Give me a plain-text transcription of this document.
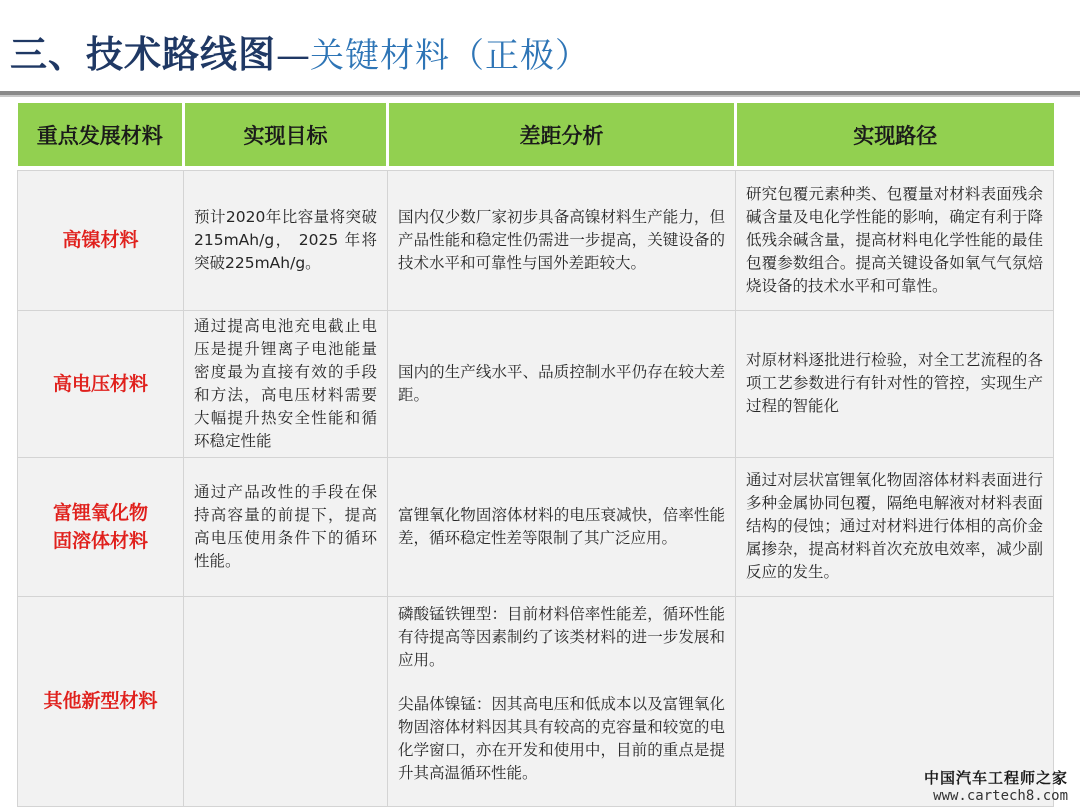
三、技术路线图—关键材料（正极）
重点发展材料	实现目标	差距分析	实现路径

高镍材料	预计2020年比容量将突破 215mAh/g， 2025 年将突破225mAh/g。	国内仅少数厂家初步具备高镍材料生产能力，但产品性能和稳定性仍需进一步提高，关键设备的技术水平和可靠性与国外差距较大。	研究包覆元素种类、包覆量对材料表面残余碱含量及电化学性能的影响，确定有利于降低残余碱含量，提高材料电化学性能的最佳包覆参数组合。提高关键设备如氧气气氛焙烧设备的技术水平和可靠性。
高电压材料	通过提高电池充电截止电压是提升锂离子电池能量密度最为直接有效的手段和方法，高电压材料需要大幅提升热安全性能和循环稳定性能	国内的生产线水平、品质控制水平仍存在较大差距。	对原材料逐批进行检验，对全工艺流程的各项工艺参数进行有针对性的管控，实现生产过程的智能化

富锂氧化物
固溶体材料	通过产品改性的手段在保持高容量的前提下，提高高电压使用条件下的循环性能。	富锂氧化物固溶体材料的电压衰减快，倍率性能差，循环稳定性差等限制了其广泛应用。	通过对层状富锂氧化物固溶体材料表面进行多种金属协同包覆，隔绝电解液对材料表面结构的侵蚀；通过对材料进行体相的高价金属掺杂，提高材料首次充放电效率，减少副反应的发生。
其他新型材料		磷酸锰铁锂型：目前材料倍率性能差，循环性能有待提高等因素制约了该类材料的进一步发展和应用。
尖晶体镍锰：因其高电压和低成本以及富锂氧化物固溶体材料因其具有较高的克容量和较宽的电化学窗口，亦在开发和使用中，目前的重点是提升其高温循环性能。	
		中国汽车工程师之家
www.cartech8.com
